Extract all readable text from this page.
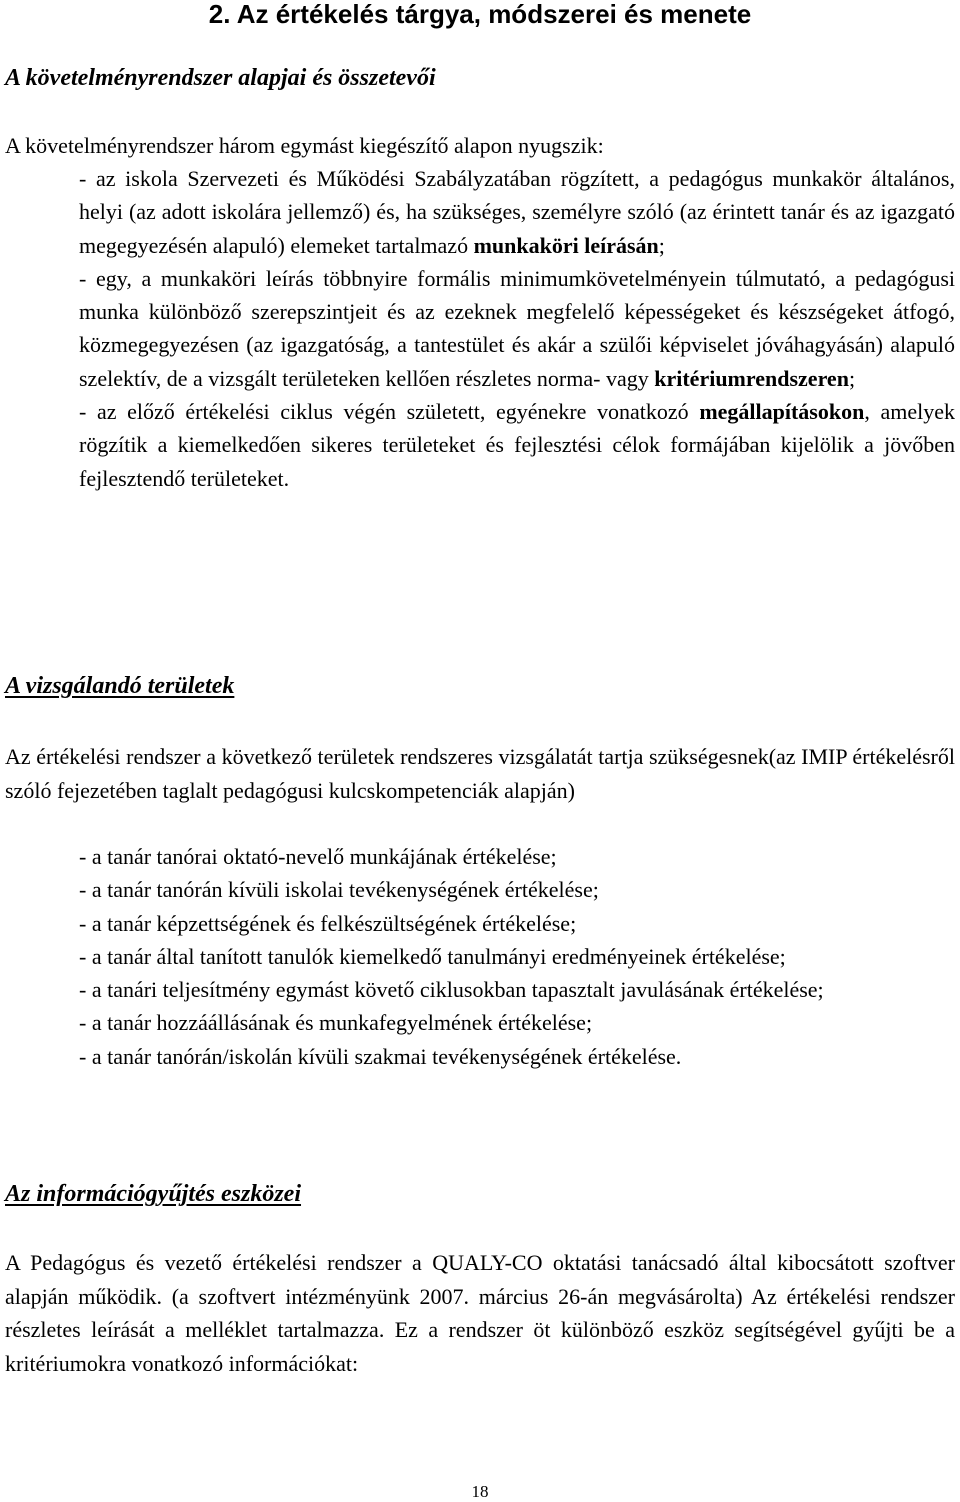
2. Az értékelés tárgya, módszerei és menete
A követelményrendszer alapjai és összetevői

A követelményrendszer három egymást kiegészítő alapon nyugszik:

- az iskola Szervezeti és Működési Szabályzatában rögzített, a pedagógus munkakör általános, helyi (az adott iskolára jellemző) és, ha szükséges, személyre szóló (az érintett tanár és az igazgató megegyezésén alapuló) elemeket tartalmazó munkaköri leírásán;

- egy, a munkaköri leírás többnyire formális minimumkövetelményein túlmutató, a pedagógusi munka különböző szerepszintjeit és az ezeknek megfelelő képességeket és készségeket átfogó, közmegegyezésen (az igazgatóság, a tantestület és akár a szülői képviselet jóváhagyásán) alapuló szelektív, de a vizsgált területeken kellően részletes norma- vagy kritériumrendszeren;

- az előző értékelési ciklus végén született, egyénekre vonatkozó megállapításokon, amelyek rögzítik a kiemelkedően sikeres területeket és fejlesztési célok formájában kijelölik a jövőben fejlesztendő területeket.

A vizsgálandó területek

Az értékelési rendszer a következő területek rendszeres vizsgálatát tartja szükségesnek(az IMIP értékelésről szóló fejezetében taglalt pedagógusi kulcskompetenciák alapján)

- a tanár tanórai oktató-nevelő munkájának értékelése;

- a tanár tanórán kívüli iskolai tevékenységének értékelése;

- a tanár képzettségének és felkészültségének értékelése;

- a tanár által tanított tanulók kiemelkedő tanulmányi eredményeinek értékelése;

- a tanári teljesítmény egymást követő ciklusokban tapasztalt javulásának értékelése;

- a tanár hozzáállásának és munkafegyelmének értékelése;

- a tanár tanórán/iskolán kívüli szakmai tevékenységének értékelése.

Az információgyűjtés eszközei

A Pedagógus és vezető értékelési rendszer a QUALY-CO oktatási tanácsadó által kibocsátott szoftver alapján működik. (a szoftvert intézményünk 2007. március 26-án megvásárolta) Az értékelési rendszer részletes leírását a melléklet tartalmazza. Ez a rendszer öt különböző eszköz segítségével gyűjti be a kritériumokra vonatkozó információkat:

18
